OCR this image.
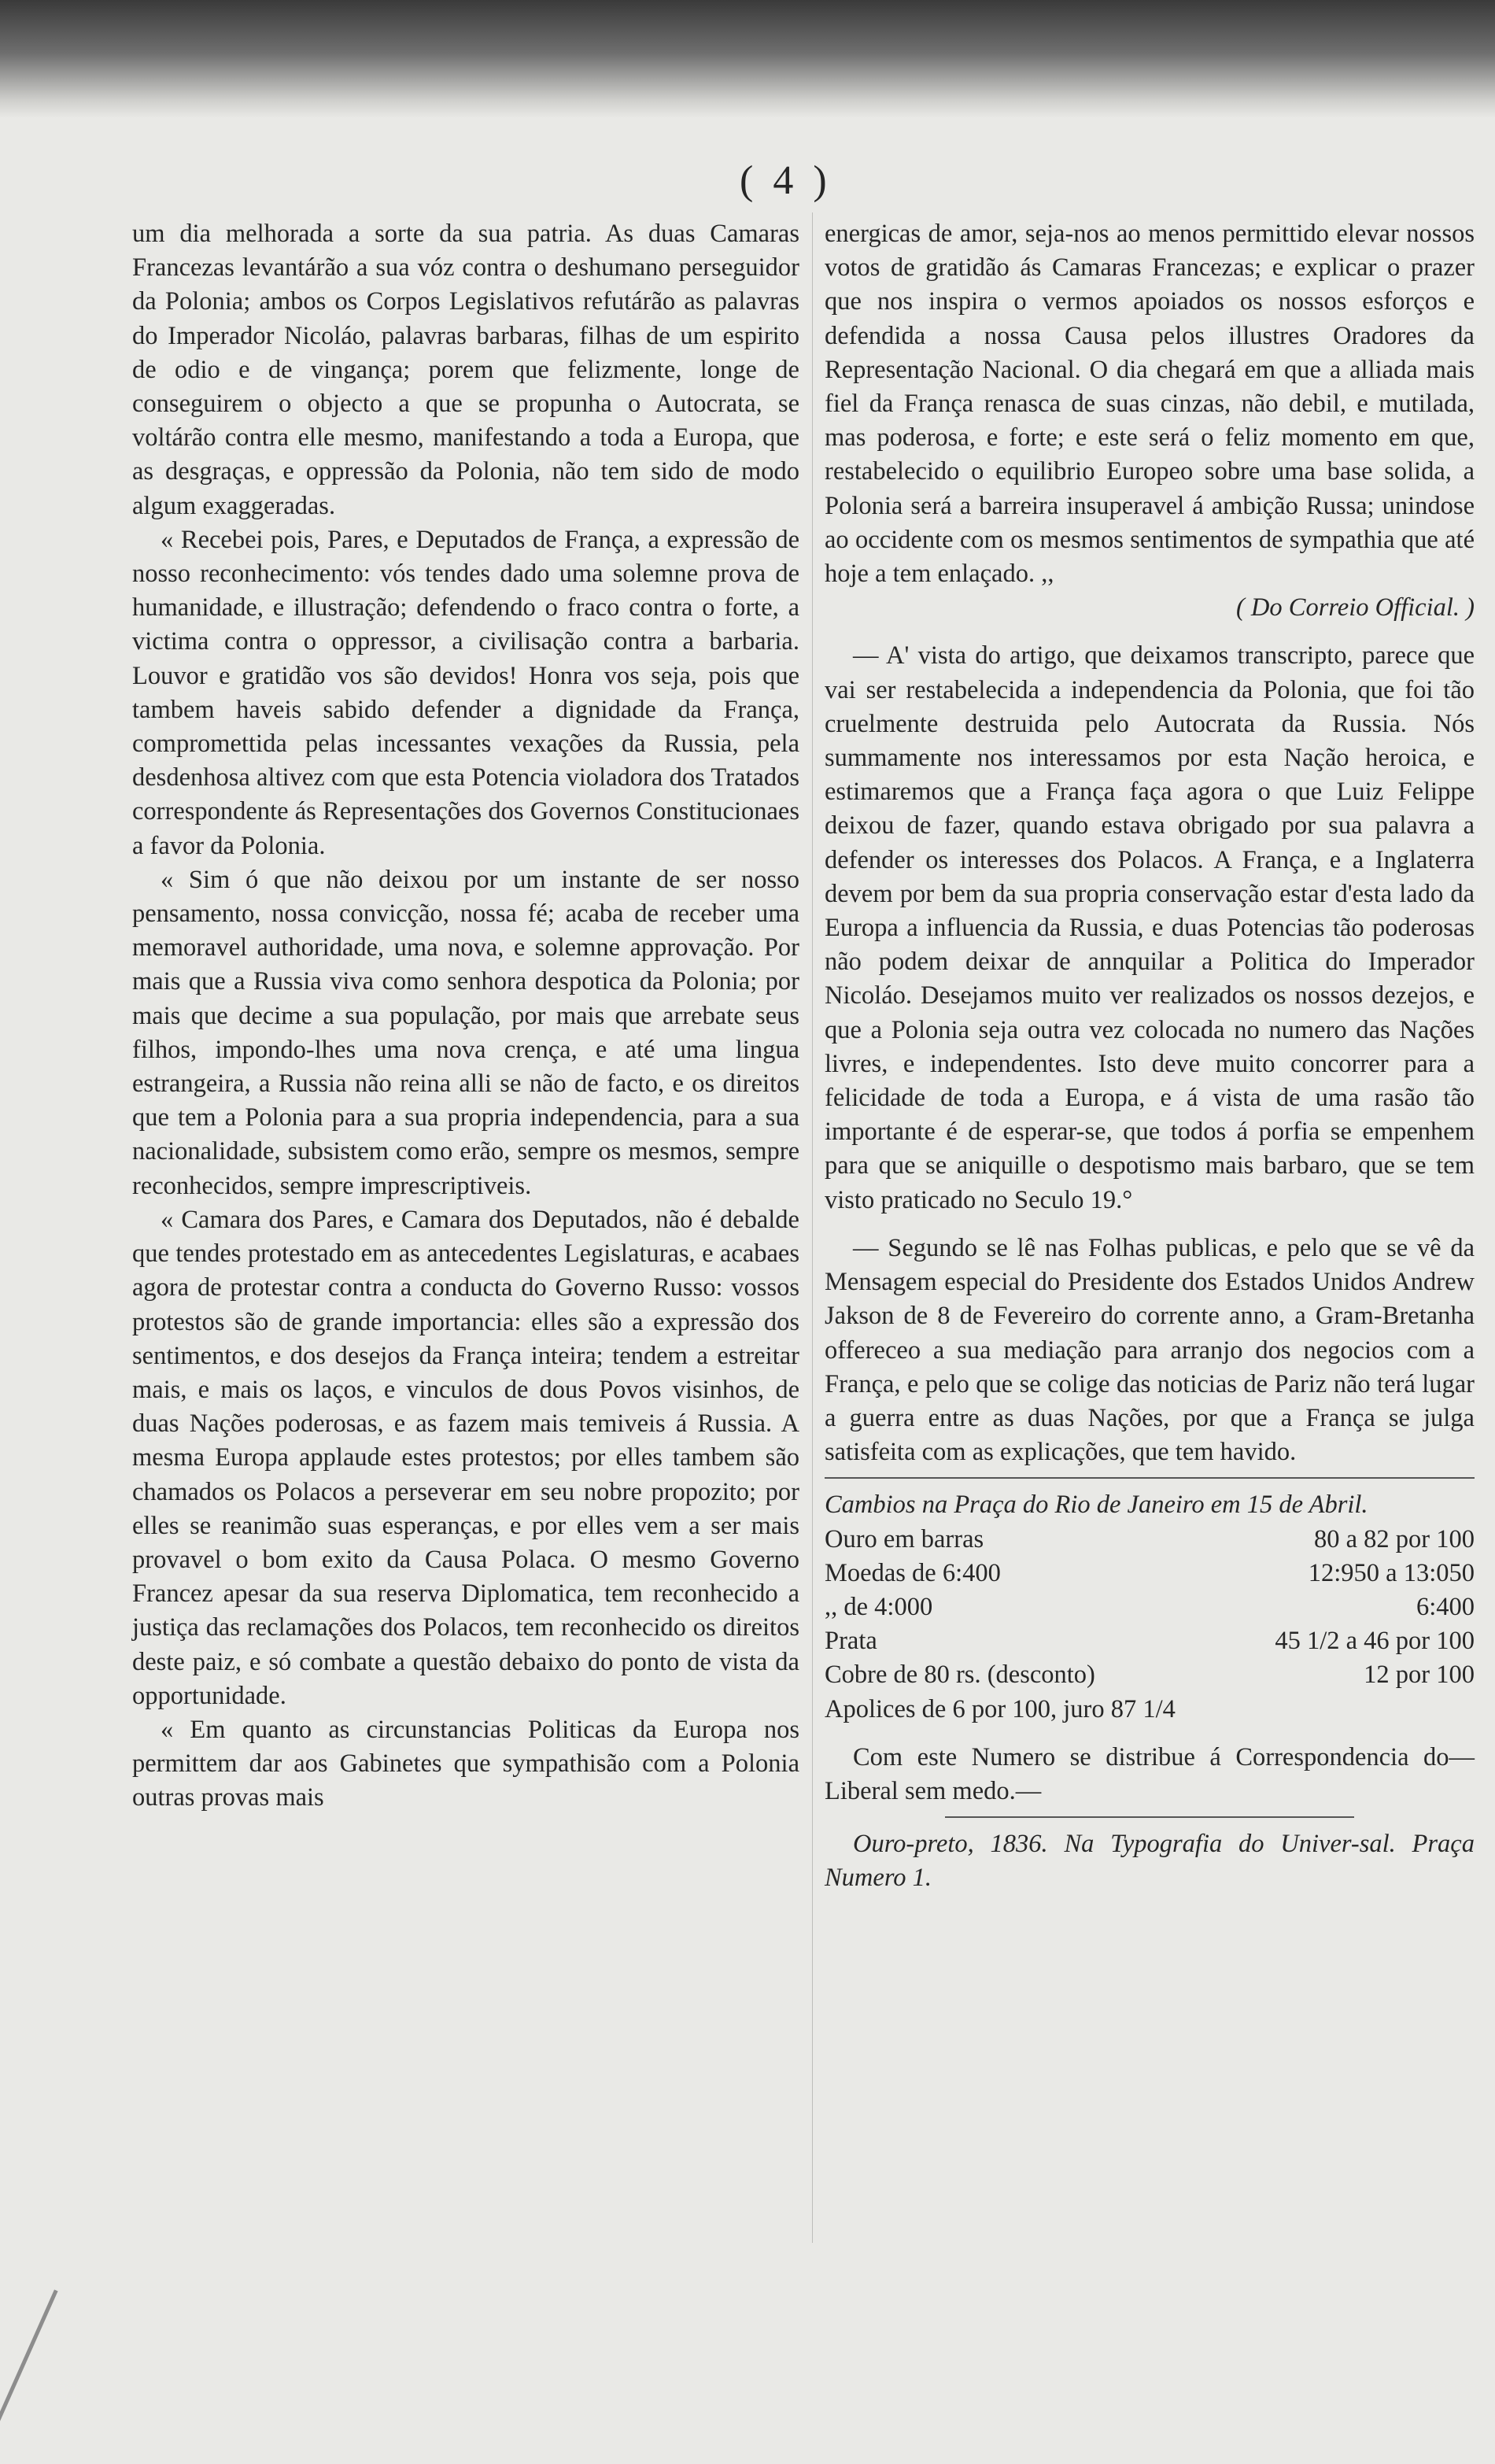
( 4 )

um dia melhorada a sorte da sua patria. As duas Camaras Francezas levantárão a sua vóz contra o deshumano perseguidor da Polonia; ambos os Corpos Legislativos refutárão as palavras do Imperador Nicoláo, palavras barbaras, filhas de um espirito de odio e de vingança; porem que felizmente, longe de conseguirem o objecto a que se propunha o Autocrata, se voltárão contra elle mesmo, manifestando a toda a Europa, que as desgraças, e oppressão da Polonia, não tem sido de modo algum exaggeradas.

« Recebei pois, Pares, e Deputados de França, a expressão de nosso reconhecimento: vós tendes dado uma solemne prova de humanidade, e illustração; defendendo o fraco contra o forte, a victima contra o oppressor, a civilisação contra a barbaria. Louvor e gratidão vos são devidos! Honra vos seja, pois que tambem haveis sabido defender a dignidade da França, compromettida pelas incessantes vexações da Russia, pela desdenhosa altivez com que esta Potencia violadora dos Tratados correspondente ás Representações dos Governos Constitucionaes a favor da Polonia.

« Sim ó que não deixou por um instante de ser nosso pensamento, nossa convicção, nossa fé; acaba de receber uma memoravel authoridade, uma nova, e solemne approvação. Por mais que a Russia viva como senhora despotica da Polonia; por mais que decime a sua população, por mais que arrebate seus filhos, impondo-lhes uma nova crença, e até uma lingua estrangeira, a Russia não reina alli se não de facto, e os direitos que tem a Polonia para a sua propria independencia, para a sua nacionalidade, subsistem como erão, sempre os mesmos, sempre reconhecidos, sempre imprescriptiveis.

« Camara dos Pares, e Camara dos Deputados, não é debalde que tendes protestado em as antecedentes Legislaturas, e acabaes agora de protestar contra a conducta do Governo Russo: vossos protestos são de grande importancia: elles são a expressão dos sentimentos, e dos desejos da França inteira; tendem a estreitar mais, e mais os laços, e vinculos de dous Povos visinhos, de duas Nações poderosas, e as fazem mais temiveis á Russia. A mesma Europa applaude estes protestos; por elles tambem são chamados os Polacos a perseverar em seu nobre propozito; por elles se reanimão suas esperanças, e por elles vem a ser mais provavel o bom exito da Causa Polaca. O mesmo Governo Francez apesar da sua reserva Diplomatica, tem reconhecido a justiça das reclamações dos Polacos, tem reconhecido os direitos deste paiz, e só combate a questão debaixo do ponto de vista da opportunidade.

« Em quanto as circunstancias Politicas da Europa nos permittem dar aos Gabinetes que sympathisão com a Polonia outras provas mais

energicas de amor, seja-nos ao menos permittido elevar nossos votos de gratidão ás Camaras Francezas; e explicar o prazer que nos inspira o vermos apoiados os nossos esforços e defendida a nossa Causa pelos illustres Oradores da Representação Nacional. O dia chegará em que a alliada mais fiel da França renasca de suas cinzas, não debil, e mutilada, mas poderosa, e forte; e este será o feliz momento em que, restabelecido o equilibrio Europeo sobre uma base solida, a Polonia será a barreira insuperavel á ambição Russa; unindose ao occidente com os mesmos sentimentos de sympathia que até hoje a tem enlaçado. ,,

( Do Correio Official. )

— A' vista do artigo, que deixamos transcripto, parece que vai ser restabelecida a independencia da Polonia, que foi tão cruelmente destruida pelo Autocrata da Russia. Nós summamente nos interessamos por esta Nação heroica, e estimaremos que a França faça agora o que Luiz Felippe deixou de fazer, quando estava obrigado por sua palavra a defender os interesses dos Polacos. A França, e a Inglaterra devem por bem da sua propria conservação estar d'esta lado da Europa a influencia da Russia, e duas Potencias tão poderosas não podem deixar de annquilar a Politica do Imperador Nicoláo. Desejamos muito ver realizados os nossos dezejos, e que a Polonia seja outra vez colocada no numero das Nações livres, e independentes. Isto deve muito concorrer para a felicidade de toda a Europa, e á vista de uma rasão tão importante é de esperar-se, que todos á porfia se empenhem para que se aniquille o despotismo mais barbaro, que se tem visto praticado no Seculo 19.°

— Segundo se lê nas Folhas publicas, e pelo que se vê da Mensagem especial do Presidente dos Estados Unidos Andrew Jakson de 8 de Fevereiro do corrente anno, a Gram-Bretanha offereceo a sua mediação para arranjo dos negocios com a França, e pelo que se colige das noticias de Pariz não terá lugar a guerra entre as duas Nações, por que a França se julga satisfeita com as explicações, que tem havido.

Cambios na Praça do Rio de Janeiro em 15 de Abril.

Ouro em barras	80 a 82 por 100
Moedas de 6:400	12:950 a 13:050
,, de 4:000	6:400
Prata	45 1/2 a 46 por 100
Cobre de 80 rs. (desconto)	12 por 100
Apolices de 6 por 100, juro 87 1/4	

Com este Numero se distribue á Correspondencia do—Liberal sem medo.—

Ouro-preto, 1836. Na Typografia do Univer-sal. Praça Numero 1.
